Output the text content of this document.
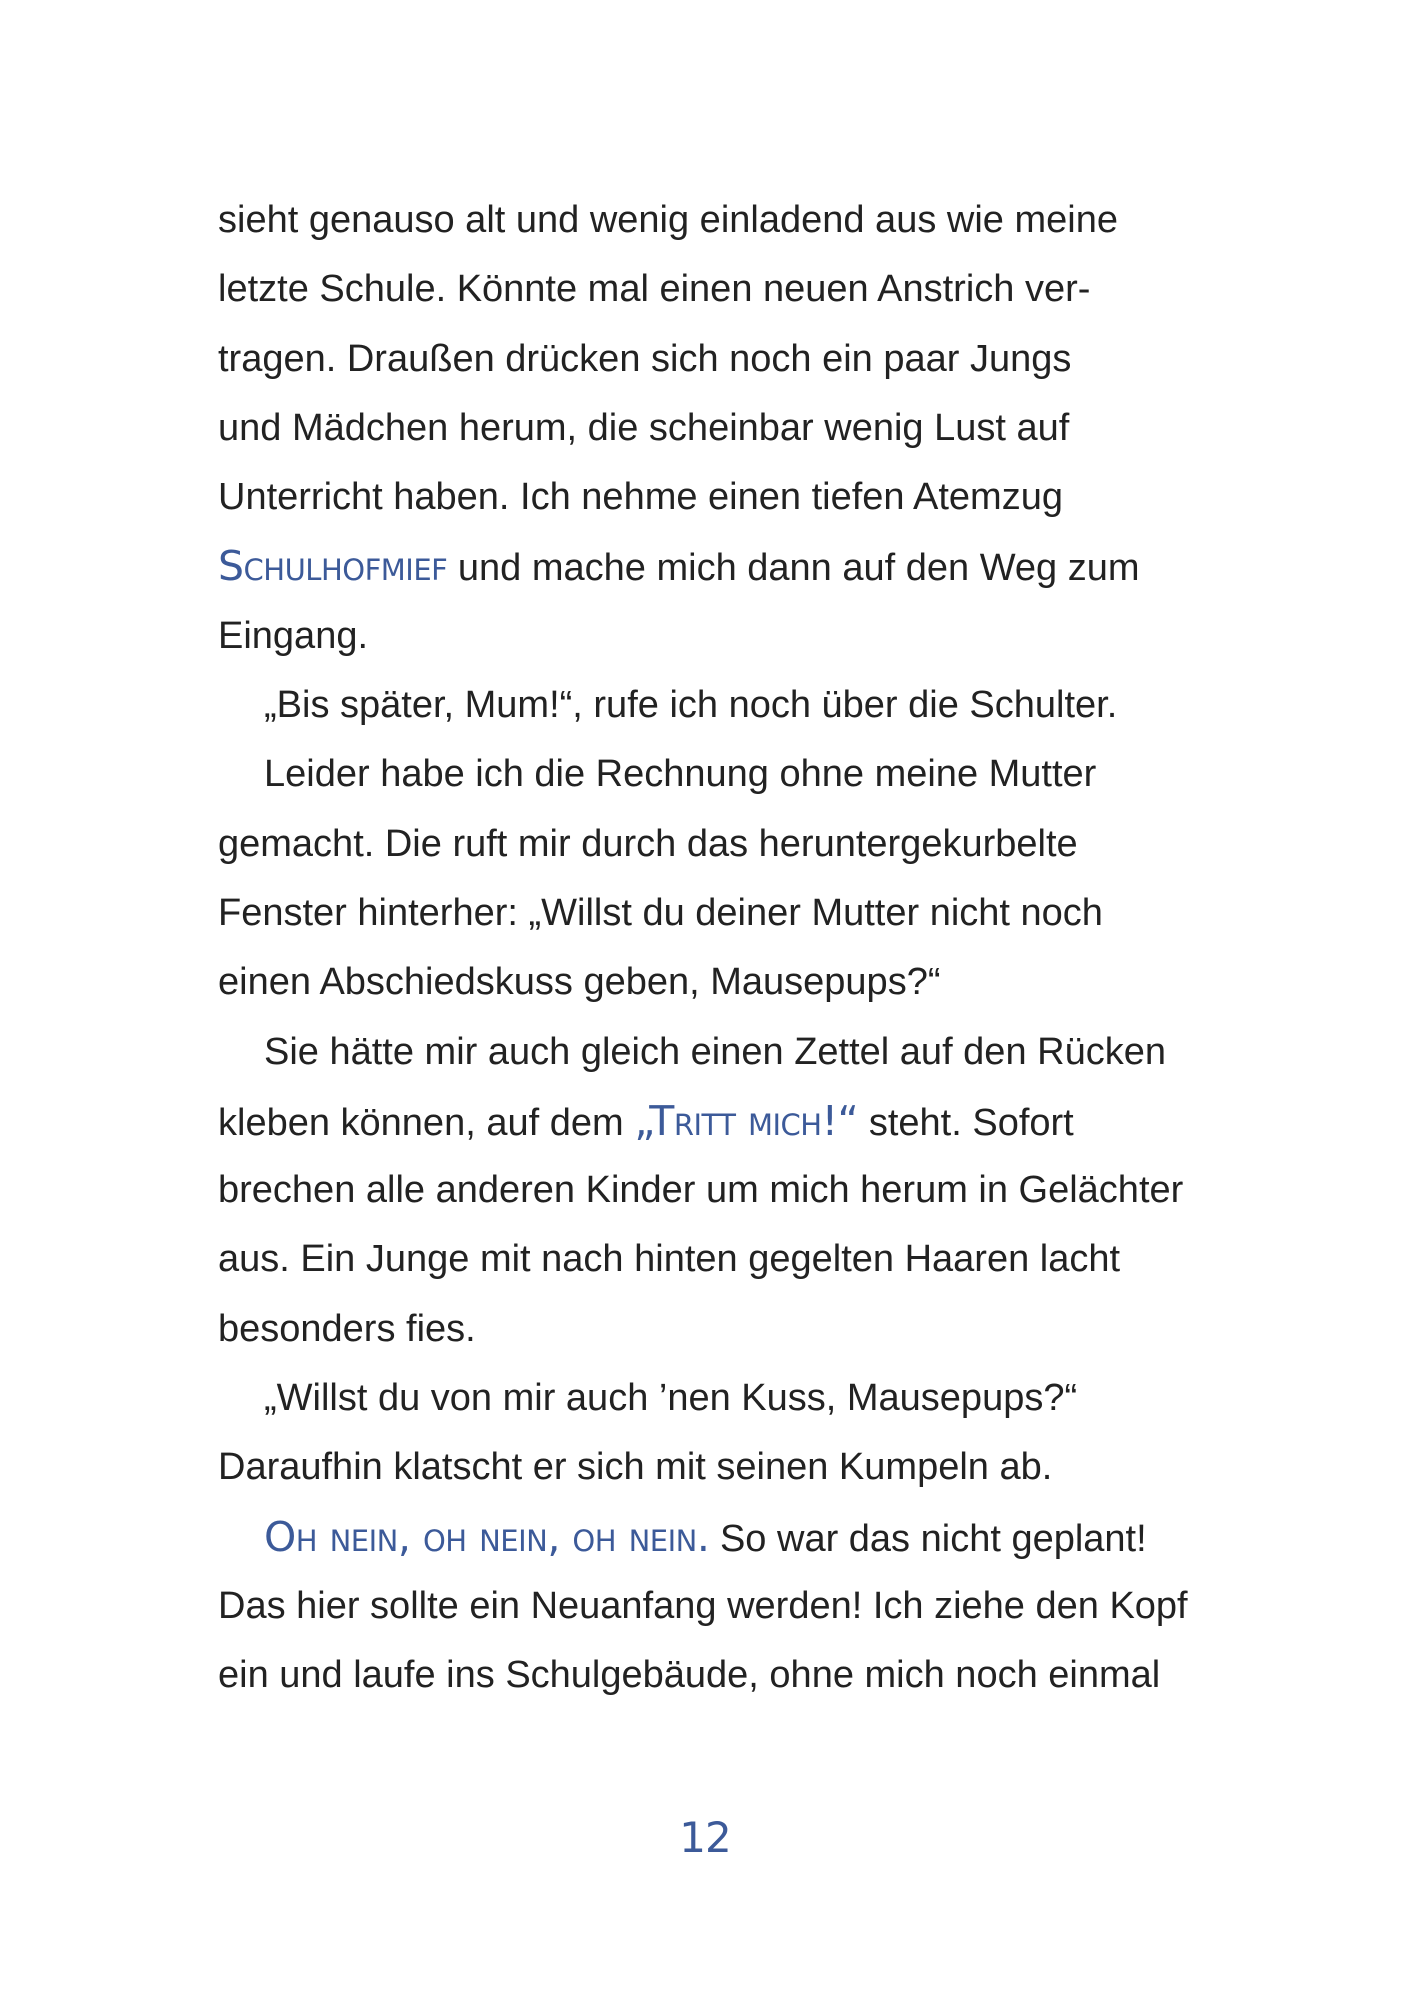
sieht genauso alt und wenig einladend aus wie meine
letzte Schule. Könnte mal einen neuen Anstrich ver-
tragen. Draußen drücken sich noch ein paar Jungs
und Mädchen herum, die scheinbar wenig Lust auf
Unterricht haben. Ich nehme einen tiefen Atemzug
Schulhofmief und mache mich dann auf den Weg zum
Eingang.
„Bis später, Mum!“, rufe ich noch über die Schulter.
Leider habe ich die Rechnung ohne meine Mutter
gemacht. Die ruft mir durch das heruntergekurbelte
Fenster hinterher: „Willst du deiner Mutter nicht noch
einen Abschiedskuss geben, Mausepups?“
Sie hätte mir auch gleich einen Zettel auf den Rücken
kleben können, auf dem „Tritt mich!“ steht. Sofort
brechen alle anderen Kinder um mich herum in Gelächter
aus. Ein Junge mit nach hinten gegelten Haaren lacht
besonders fies.
„Willst du von mir auch ’nen Kuss, Mausepups?“
Daraufhin klatscht er sich mit seinen Kumpeln ab.
Oh nein, oh nein, oh nein. So war das nicht geplant!
Das hier sollte ein Neuanfang werden! Ich ziehe den Kopf
ein und laufe ins Schulgebäude, ohne mich noch einmal
12
